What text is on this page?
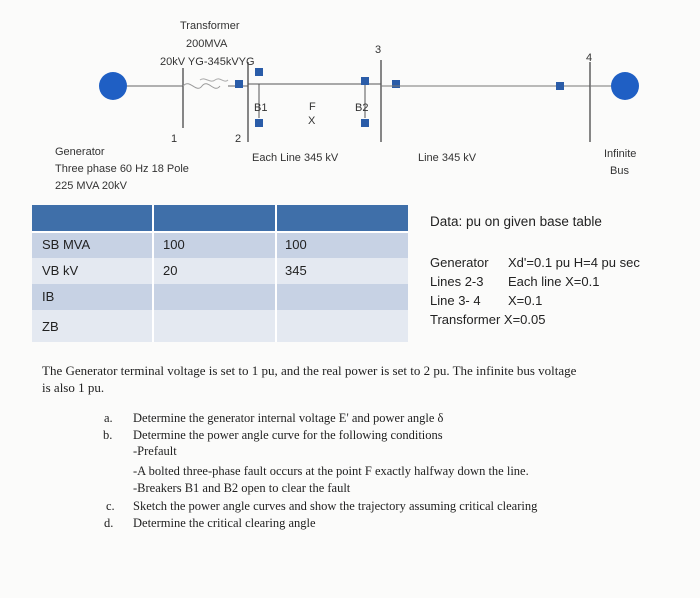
Transformer
200MVA
20kV YG-345kVYG
1	2
3
4
B1	B2
F
X
Generator
Three phase 60 Hz 18 Pole
225 MVA 20kV
Each Line 345 kV	Line 345 kV	Infinite
Bus
SB MVA	100	100
VB kV	20	345
IB
ZB
Data: pu on given base table
Generator Xd'=0.1 pu H=4 pu sec
Lines 2-3 Each line X=0.1
Line 3- 4 X=0.1
Transformer X=0.05
The Generator terminal voltage is set to 1 pu, and the real power is set to 2 pu. The infinite bus voltage
is also 1 pu.
a. Determine the generator internal voltage E' and power angle δ
b. Determine the power angle curve for the following conditions
-Prefault
-A bolted three-phase fault occurs at the point F exactly halfway down the line.
-Breakers B1 and B2 open to clear the fault
c. Sketch the power angle curves and show the trajectory assuming critical clearing
d. Determine the critical clearing angle
